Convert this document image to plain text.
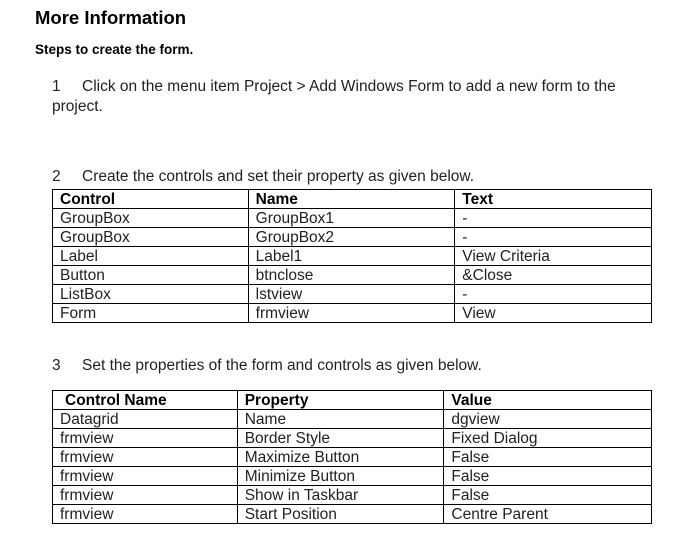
More Information
Steps to create the form.

1 Click on the menu item Project > Add Windows Form to add a new form to the project.

2 Create the controls and set their property as given below.

Control	Name	Text
GroupBox	GroupBox1	-
GroupBox	GroupBox2	-
Label	Label1	View Criteria
Button	btnclose	&Close
ListBox	lstview	-
Form	frmview	View

3 Set the properties of the form and controls as given below.

Control Name	Property	Value
Datagrid	Name	dgview
frmview	Border Style	Fixed Dialog
frmview	Maximize Button	False
frmview	Minimize Button	False
frmview	Show in Taskbar	False
frmview	Start Position	Centre Parent
